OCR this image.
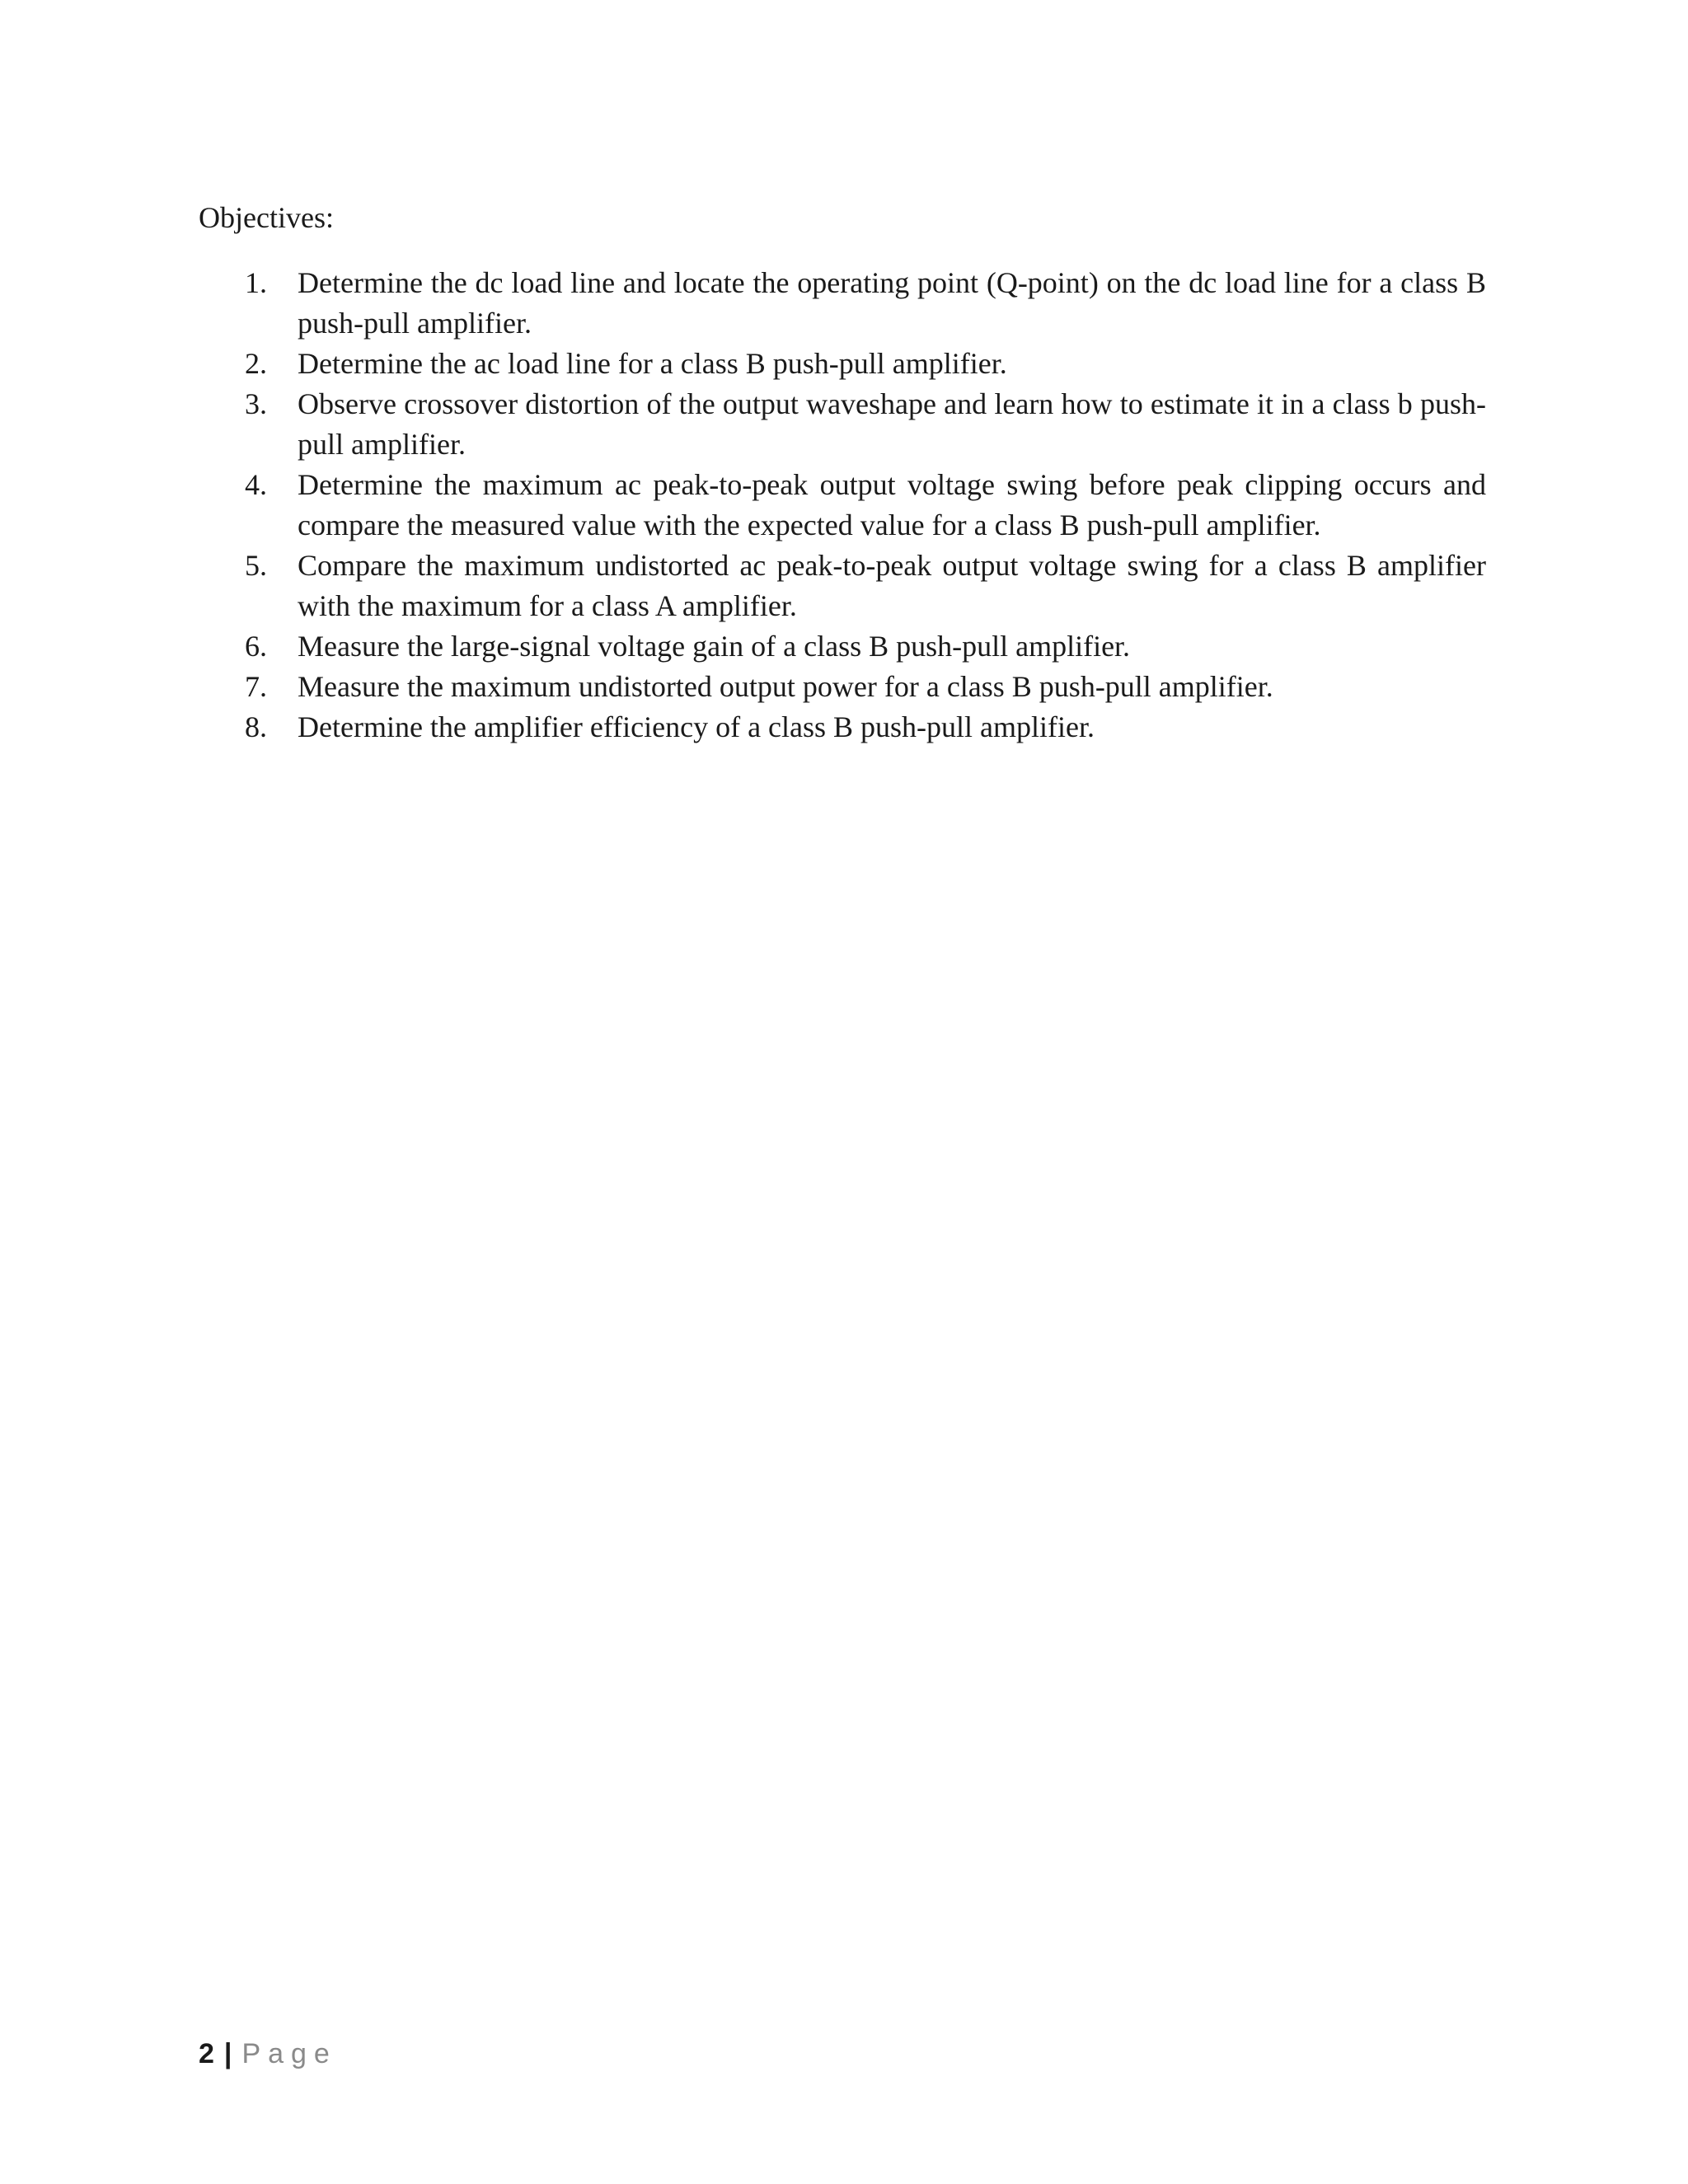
Objectives:
1.	Determine the dc load line and locate the operating point (Q-point) on the dc load line for a class B push-pull amplifier.
2.	Determine the ac load line for a class B push-pull amplifier.
3.	Observe crossover distortion of the output waveshape and learn how to estimate it in a class b push-pull amplifier.
4.	Determine the maximum ac peak-to-peak output voltage swing before peak clipping occurs and compare the measured value with the expected value for a class B push-pull amplifier.
5.	Compare the maximum undistorted ac peak-to-peak output voltage swing for a class B amplifier with the maximum for a class A amplifier.
6.	Measure the large-signal voltage gain of a class B push-pull amplifier.
7.	Measure the maximum undistorted output power for a class B push-pull amplifier.
8.	Determine the amplifier efficiency of a class B push-pull amplifier.
2 | Page
